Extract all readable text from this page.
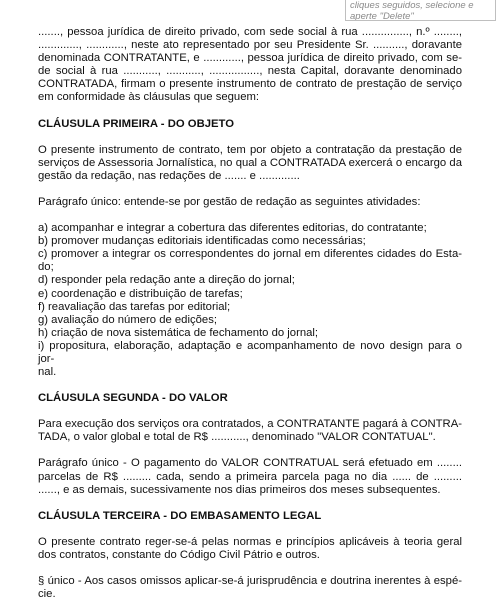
cliques seguidos, selecione e
aperte "Delete"

......., pessoa jurídica de direito privado, com sede social à rua ..............., n.º ........,
............., ............, neste ato representado por seu Presidente Sr. .........., doravante
denominada CONTRATANTE, e ............, pessoa jurídica de direito privado, com se-
de social à rua ..........., ..........., ................, nesta Capital, doravante denominado
CONTRATADA, firmam o presente instrumento de contrato de prestação de serviço
em conformidade às cláusulas que seguem:

CLÁUSULA PRIMEIRA - DO OBJETO

O presente instrumento de contrato, tem por objeto a contratação da prestação de
serviços de Assessoria Jornalística, no qual a CONTRATADA exercerá o encargo da
gestão da redação, nas redações de ....... e .............

Parágrafo único: entende-se por gestão de redação as seguintes atividades:

a) acompanhar e integrar a cobertura das diferentes editorias, do contratante;
b) promover mudanças editoriais identificadas como necessárias;
c) promover a integrar os correspondentes do jornal em diferentes cidades do Esta-
do;
d) responder pela redação ante a direção do jornal;
e) coordenação e distribuição de tarefas;
f) reavaliação das tarefas por editorial;
g) avaliação do número de edições;
h) criação de nova sistemática de fechamento do jornal;
i) propositura, elaboração, adaptação e acompanhamento de novo design para o jor-
nal.

CLÁUSULA SEGUNDA - DO VALOR

Para execução dos serviços ora contratados, a CONTRATANTE pagará à CONTRA-
TADA, o valor global e total de R$ ..........., denominado "VALOR CONTATUAL".

Parágrafo único - O pagamento do VALOR CONTRATUAL será efetuado em ........
parcelas de R$ ......... cada, sendo a primeira parcela paga no dia ...... de .........
......, e as demais, sucessivamente nos dias primeiros dos meses subsequentes.

CLÁUSULA TERCEIRA - DO EMBASAMENTO LEGAL

O presente contrato reger-se-á pelas normas e princípios aplicáveis à teoria geral
dos contratos, constante do Código Civil Pátrio e outros.

§ único - Aos casos omissos aplicar-se-á jurisprudência e doutrina inerentes à espé-
cie.
